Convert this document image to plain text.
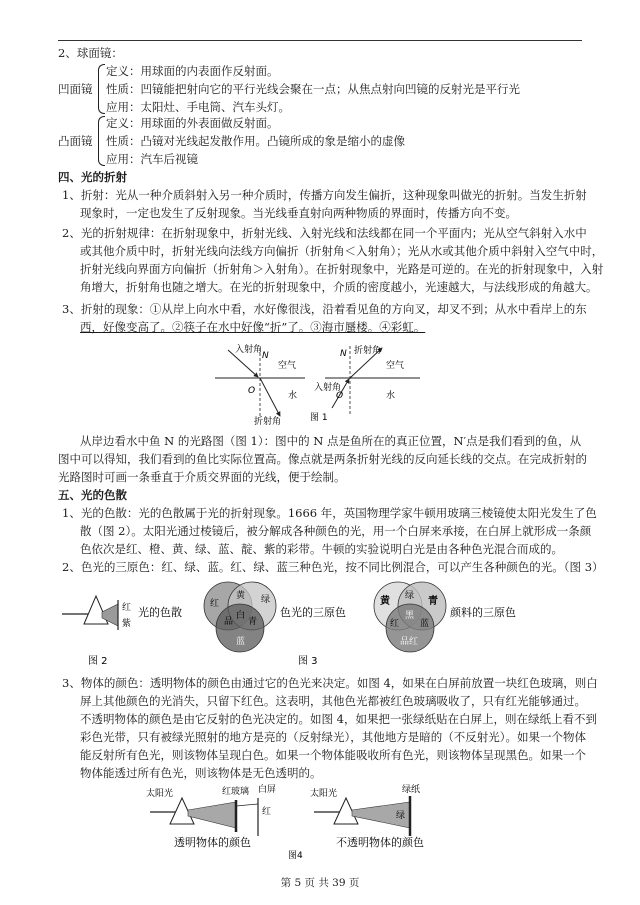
2、球面镜：
凹面镜
定义：用球面的内表面作反射面。
性质：凹镜能把射向它的平行光线会聚在一点；从焦点射向凹镜的反射光是平行光
应用：太阳灶、手电筒、汽车头灯。
凸面镜
定义：用球面的外表面做反射面。
性质：凸镜对光线起发散作用。凸镜所成的象是缩小的虚像
应用：汽车后视镜
四、光的折射
1、折射：光从一种介质斜射入另一种介质时，传播方向发生偏折，这种现象叫做光的折射。当发生折射
现象时，一定也发生了反射现象。当光线垂直射向两种物质的界面时，传播方向不变。
2、光的折射规律：在折射现象中，折射光线、入射光线和法线都在同一个平面内；光从空气斜射入水中
或其他介质中时，折射光线向法线方向偏折（折射角＜入射角）；光从水或其他介质中斜射入空气中时，
折射光线向界面方向偏折（折射角＞入射角）。在折射现象中，光路是可逆的。在光的折射现象中，入射
角增大，折射角也随之增大。在光的折射现象中，介质的密度越小，光速越大，与法线形成的角越大。
3、折射的现象：①从岸上向水中看，水好像很浅，沿着看见鱼的方向叉，却叉不到；从水中看岸上的东
西，好像变高了。②筷子在水中好像“折”了。③海市蜃楼。④彩虹。
入射角
N
空气
O	水
折射角
N 折射角
空气
入射角
O	水
图 1
从岸边看水中鱼 N 的光路图（图 1）：图中的 N 点是鱼所在的真正位置，N′点是我们看到的鱼，从
图中可以得知，我们看到的鱼比实际位置高。像点就是两条折射光线的反向延长线的交点。在完成折射的
光路图时可画一条垂直于介质交界面的光线，便于绘制。
五、光的色散
1、光的色散：光的色散属于光的折射现象。1666 年，英国物理学家牛顿用玻璃三棱镜使太阳光发生了色
散（图 2）。太阳光通过棱镜后，被分解成各种颜色的光，用一个白屏来承接，在白屏上就形成一条颜
色依次是红、橙、黄、绿、蓝、靛、紫的彩带。牛顿的实验说明白光是由各种色光混合而成的。
2、色光的三原色：红、绿、蓝。红、绿、蓝三种色光，按不同比例混合，可以产生各种颜色的光。（图 3）
红
紫
光的色散
红	绿
黄
白
品 青
蓝
色光的三原色
黄	青
绿
黑
红 蓝
品红
颜料的三原色
图 2	图 3
3、物体的颜色：透明物体的颜色由通过它的色光来决定。如图 4，如果在白屏前放置一块红色玻璃，则白
屏上其他颜色的光消失，只留下红色。这表明，其他色光都被红色玻璃吸收了，只有红光能够通过。
不透明物体的颜色是由它反射的色光决定的。如图 4，如果把一张绿纸贴在白屏上，则在绿纸上看不到
彩色光带，只有被绿光照射的地方是亮的（反射绿光），其他地方是暗的（不反射光）。如果一个物体
能反射所有色光，则该物体呈现白色。如果一个物体能吸收所有色光，则该物体呈现黑色。如果一个
物体能透过所有色光，则该物体是无色透明的。
太阳光	红玻璃 白屏
红
透明物体的颜色
太阳光	绿纸
绿
不透明物体的颜色
图4
第 5 页 共 39 页
